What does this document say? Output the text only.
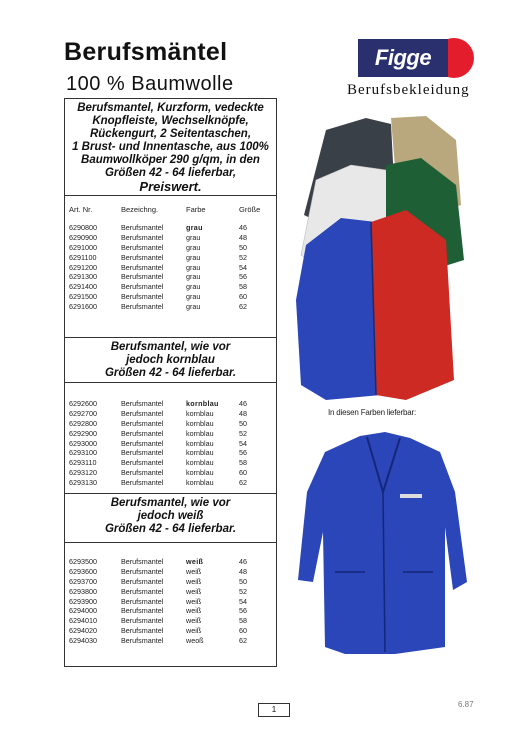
Berufsmäntel
100 % Baumwolle
Figge
Berufsbekleidung
Berufsmantel, Kurzform, vedeckte
Knopfleiste, Wechselknöpfe,
Rückengurt, 2 Seitentaschen,
1 Brust- und Innentasche, aus 100%
Baumwollköper 290 g/qm, in den
Größen 42 - 64 lieferbar,
Preiswert.
Art. Nr.	Bezeichng.	Farbe	Größe
6290800	Berufsmantel	grau	46
6290900	Berufsmantel	grau	48
6291000	Berufsmantel	grau	50
6291100	Berufsmantel	grau	52
6291200	Berufsmantel	grau	54
6291300	Berufsmantel	grau	56
6291400	Berufsmantel	grau	58
6291500	Berufsmantel	grau	60
6291600	Berufsmantel	grau	62
Berufsmantel, wie vor
jedoch kornblau
Größen 42 - 64 lieferbar.
6292600	Berufsmantel	kornblau	46
6292700	Berufsmantel	kornblau	48
6292800	Berufsmantel	kornblau	50
6292900	Berufsmantel	kornblau	52
6293000	Berufsmantel	kornblau	54
6293100	Berufsmantel	kornblau	56
6293110	Berufsmantel	kornblau	58
6293120	Berufsmantel	kornblau	60
6293130	Berufsmantel	kornblau	62
Berufsmantel, wie vor
jedoch weiß
Größen 42 - 64 lieferbar.
6293500	Berufsmantel	weiß	46
6293600	Berufsmantel	weiß	48
6293700	Berufsmantel	weiß	50
6293800	Berufsmantel	weiß	52
6293900	Berufsmantel	weiß	54
6294000	Berufsmantel	weiß	56
6294010	Berufsmantel	weiß	58
6294020	Berufsmantel	weiß	60
6294030	Berufsmantel	weoß	62
In diesen Farben lieferbar:
1
6.87
